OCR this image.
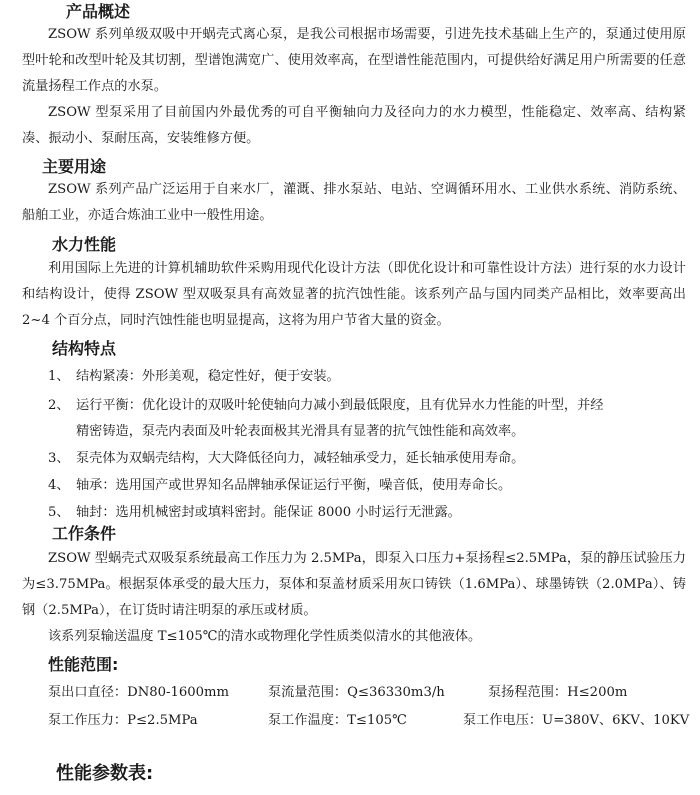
产品概述

ZSOW 系列单级双吸中开蜗壳式离心泵，是我公司根据市场需要，引进先技术基础上生产的，泵通过使用原型叶轮和改型叶轮及其切割，型谱饱满宽广、使用效率高，在型谱性能范围内，可提供给好满足用户所需要的任意流量扬程工作点的水泵。

ZSOW 型泵采用了目前国内外最优秀的可自平衡轴向力及径向力的水力模型，性能稳定、效率高、结构紧凑、振动小、泵耐压高，安装维修方便。

主要用途

ZSOW 系列产品广泛运用于自来水厂，灌溉、排水泵站、电站、空调循环用水、工业供水系统、消防系统、船舶工业，亦适合炼油工业中一般性用途。

水力性能

利用国际上先进的计算机辅助软件采购用现代化设计方法（即优化设计和可靠性设计方法）进行泵的水力设计和结构设计，使得 ZSOW 型双吸泵具有高效显著的抗汽蚀性能。该系列产品与国内同类产品相比，效率要高出 2~4 个百分点，同时汽蚀性能也明显提高，这将为用户节省大量的资金。

结构特点
1、 结构紧凑：外形美观，稳定性好，便于安装。
2、 运行平衡：优化设计的双吸叶轮使轴向力减小到最低限度，且有优异水力性能的叶型，并经
精密铸造，泵壳内表面及叶轮表面极其光滑具有显著的抗气蚀性能和高效率。
3、 泵壳体为双蜗壳结构，大大降低径向力，减轻轴承受力，延长轴承使用寿命。
4、 轴承：选用国产或世界知名品牌轴承保证运行平衡，噪音低，使用寿命长。
5、 轴封：选用机械密封或填料密封。能保证 8000 小时运行无泄露。
工作条件

ZSOW 型蜗壳式双吸泵系统最高工作压力为 2.5MPa，即泵入口压力+泵扬程≤2.5MPa，泵的静压试验压力为≤3.75MPa。根据泵体承受的最大压力，泵体和泵盖材质采用灰口铸铁（1.6MPa）、球墨铸铁（2.0MPa）、铸钢（2.5MPa），在订货时请注明泵的承压或材质。

该系列泵输送温度 T≤105℃的清水或物理化学性质类似清水的其他液体。

性能范围:
泵出口直径：DN80-1600mm	泵流量范围：Q≤36330m3/h	泵扬程范围：H≤200m
泵工作压力：P≤2.5MPa	泵工作温度：T≤105℃	泵工作电压：U=380V、6KV、10KV
性能参数表:
